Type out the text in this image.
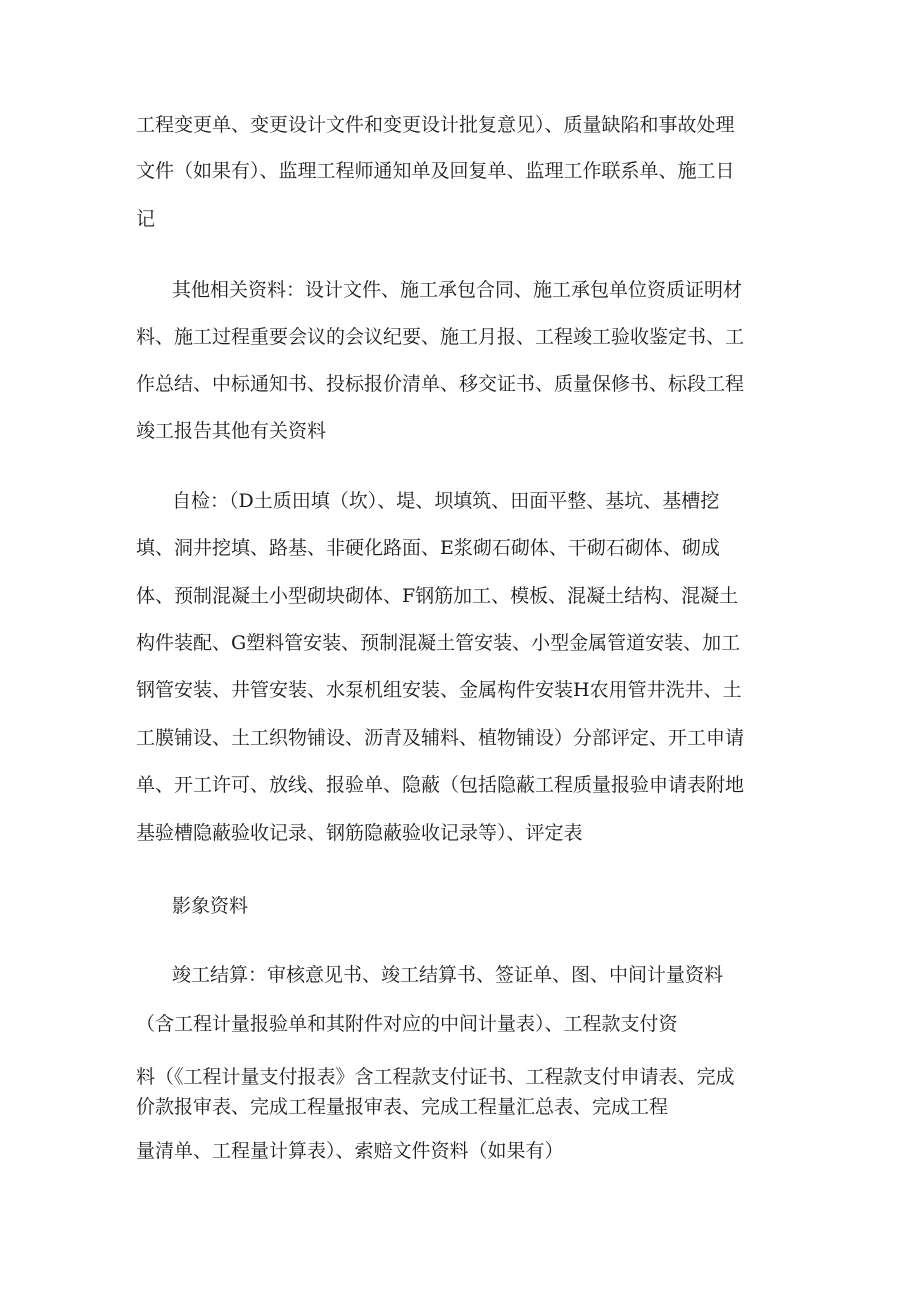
工程变更单、变更设计文件和变更设计批复意见）、质量缺陷和事故处理
文件（如果有）、监理工程师通知单及回复单、监理工作联系单、施工日
记
其他相关资料：设计文件、施工承包合同、施工承包单位资质证明材
料、施工过程重要会议的会议纪要、施工月报、工程竣工验收鉴定书、工
作总结、中标通知书、投标报价清单、移交证书、质量保修书、标段工程
竣工报告其他有关资料
自检：（D土质田填（坎）、堤、坝填筑、田面平整、基坑、基槽挖
填、洞井挖填、路基、非硬化路面、E浆砌石砌体、干砌石砌体、砌成
体、预制混凝土小型砌块砌体、F钢筋加工、模板、混凝土结构、混凝土
构件装配、G塑料管安装、预制混凝土管安装、小型金属管道安装、加工
钢管安装、井管安装、水泵机组安装、金属构件安装H农用管井洗井、土
工膜铺设、土工织物铺设、沥青及辅料、植物铺设）分部评定、开工申请
单、开工许可、放线、报验单、隐蔽（包括隐蔽工程质量报验申请表附地
基验槽隐蔽验收记录、钢筋隐蔽验收记录等）、评定表
影象资料
竣工结算：审核意见书、竣工结算书、签证单、图、中间计量资料
（含工程计量报验单和其附件对应的中间计量表）、工程款支付资
料（《工程计量支付报表》含工程款支付证书、工程款支付申请表、完成
价款报审表、完成工程量报审表、完成工程量汇总表、完成工程
量清单、工程量计算表）、索赔文件资料（如果有）
